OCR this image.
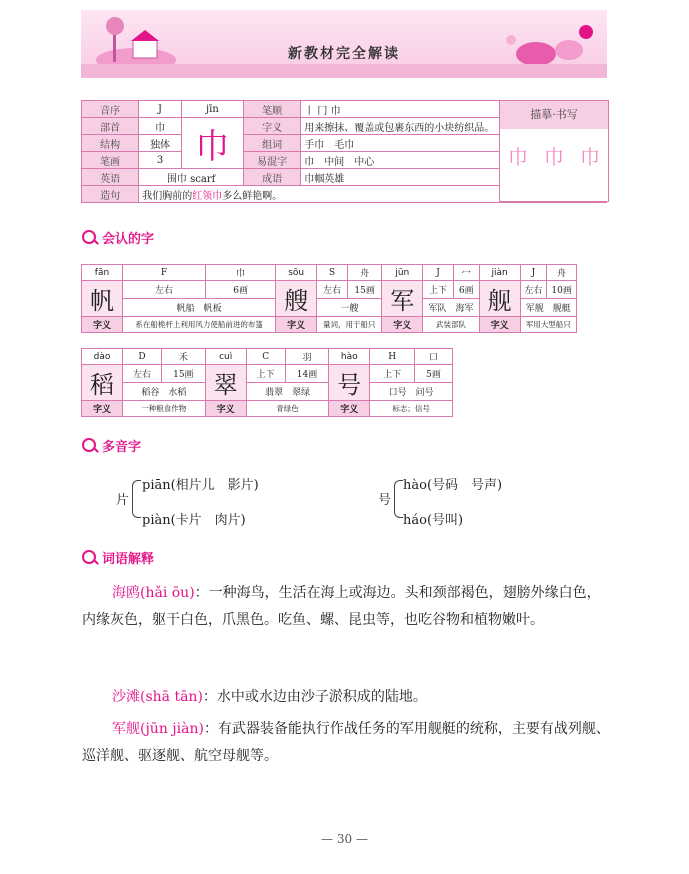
新教材完全解读
音序	J	jīn	笔顺	丨 冂 巾
部首	巾	巾	字义	用来擦抹、覆盖或包裹东西的小块纺织品。
结构	独体		组词	手巾　毛巾
笔画	3		易混字	巾　中间　中心
英语	围巾 scarf		成语	巾帼英雄
造句	我们胸前的红领巾多么鲜艳啊。			
描摹·书写
巾 巾 巾
会认的字
fān	F	巾	sōu	S	舟	jūn	J	冖	jiàn	J	舟
帆	左右	6画	艘	左右	15画	军	上下	6画	舰	左右	10画
	帆船　帆板			一艘			军队　海军			军舰　舰艇	
字义	系在船桅杆上利用风力使船前进的布篷		字义	量词，用于船只		字义	武装部队		字义	军用大型船只	
dào	D	禾	cuì	C	羽	hào	H	口
稻	左右	15画	翠	上下	14画	号	上下	5画
	稻谷　水稻			翡翠　翠绿			口号　问号	
字义	一种粮食作物		字义	青绿色		字义	标志；信号	
多音字
片
piān(相片儿　影片)
piàn(卡片　肉片)
号
hào(号码　号声)
háo(号叫)
词语解释
海鸥(hǎi ōu)：一种海鸟，生活在海上或海边。头和颈部褐色，翅膀外缘白色，内缘灰色，躯干白色，爪黑色。吃鱼、螺、昆虫等，也吃谷物和植物嫩叶。
沙滩(shā tān)：水中或水边由沙子淤积成的陆地。
军舰(jūn jiàn)：有武器装备能执行作战任务的军用舰艇的统称，主要有战列舰、巡洋舰、驱逐舰、航空母舰等。
— 30 —
